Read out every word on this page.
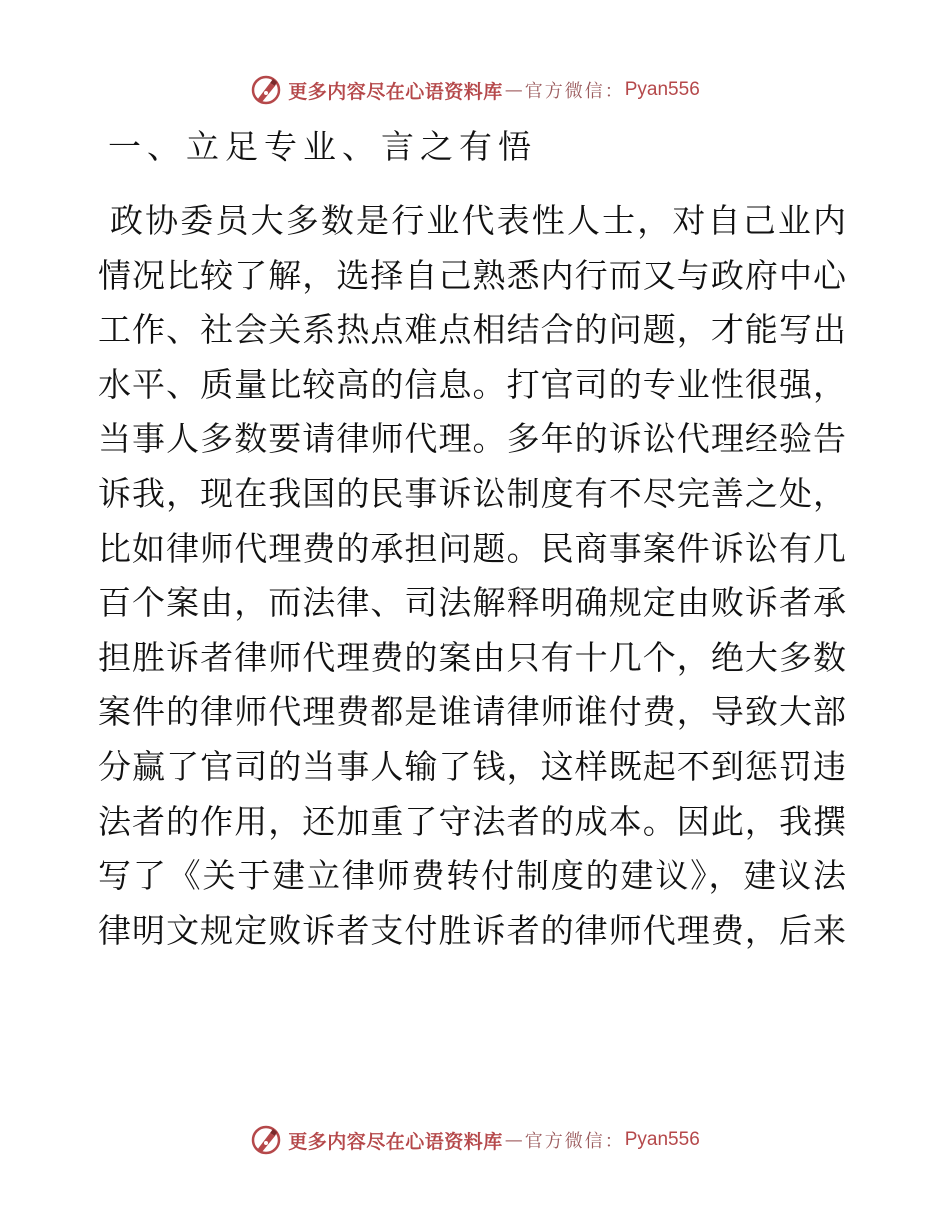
更多内容尽在心语资料库 — 官方微信： Pyan556
一、立足专业、言之有悟
政协委员大多数是行业代表性人士，对自己业内
情况比较了解，选择自己熟悉内行而又与政府中心
工作、社会关系热点难点相结合的问题，才能写出
水平、质量比较高的信息。打官司的专业性很强，
当事人多数要请律师代理。多年的诉讼代理经验告
诉我，现在我国的民事诉讼制度有不尽完善之处，
比如律师代理费的承担问题。民商事案件诉讼有几
百个案由，而法律、司法解释明确规定由败诉者承
担胜诉者律师代理费的案由只有十几个，绝大多数
案件的律师代理费都是谁请律师谁付费，导致大部
分赢了官司的当事人输了钱，这样既起不到惩罚违
法者的作用，还加重了守法者的成本。因此，我撰
写了《关于建立律师费转付制度的建议》，建议法
律明文规定败诉者支付胜诉者的律师代理费，后来
更多内容尽在心语资料库 — 官方微信： Pyan556
